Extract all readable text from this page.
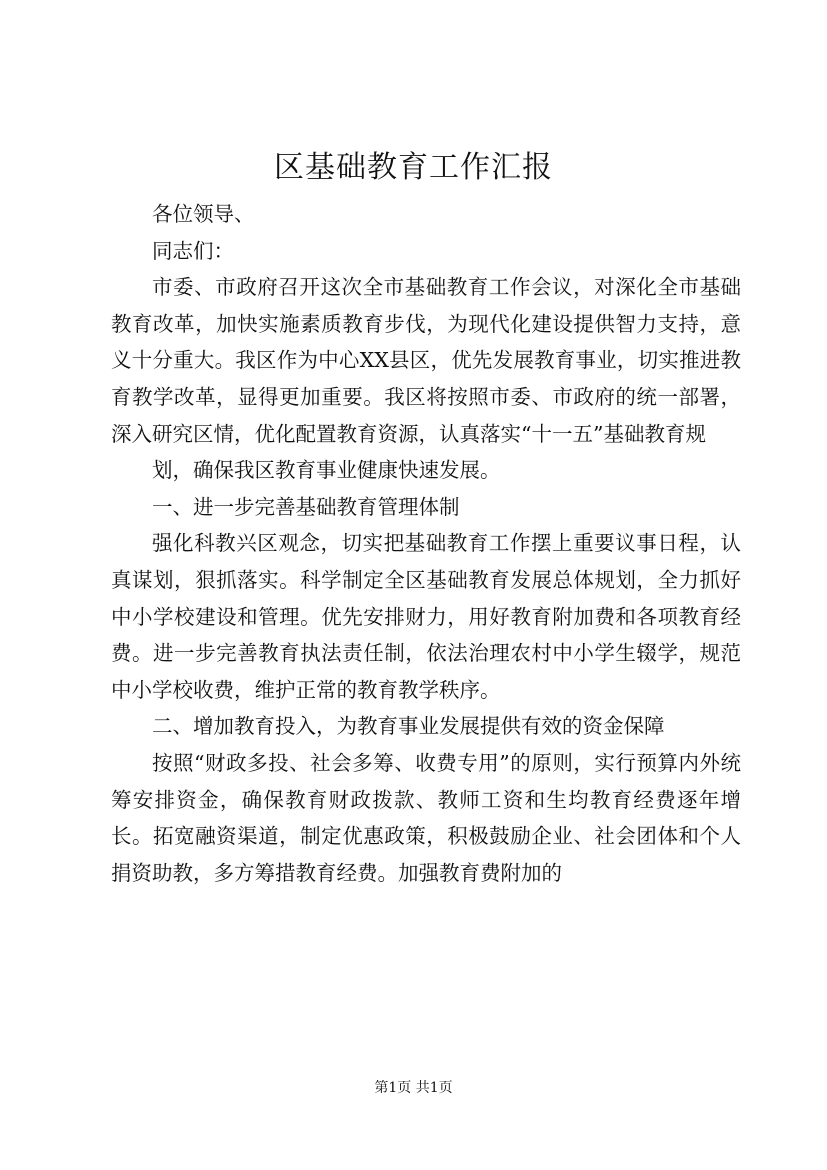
区基础教育工作汇报

各位领导、

同志们：

市委、市政府召开这次全市基础教育工作会议，对深化全市基础教育改革，加快实施素质教育步伐，为现代化建设提供智力支持，意义十分重大。我区作为中心XX县区，优先发展教育事业，切实推进教育教学改革，显得更加重要。我区将按照市委、市政府的统一部署，深入研究区情，优化配置教育资源，认真落实“十一五”基础教育规

划，确保我区教育事业健康快速发展。

一、进一步完善基础教育管理体制

强化科教兴区观念，切实把基础教育工作摆上重要议事日程，认真谋划，狠抓落实。科学制定全区基础教育发展总体规划，全力抓好中小学校建设和管理。优先安排财力，用好教育附加费和各项教育经费。进一步完善教育执法责任制，依法治理农村中小学生辍学，规范中小学校收费，维护正常的教育教学秩序。

二、增加教育投入，为教育事业发展提供有效的资金保障

按照“财政多投、社会多筹、收费专用”的原则，实行预算内外统筹安排资金，确保教育财政拨款、教师工资和生均教育经费逐年增长。拓宽融资渠道，制定优惠政策，积极鼓励企业、社会团体和个人捐资助教，多方筹措教育经费。加强教育费附加的

第1页 共1页
